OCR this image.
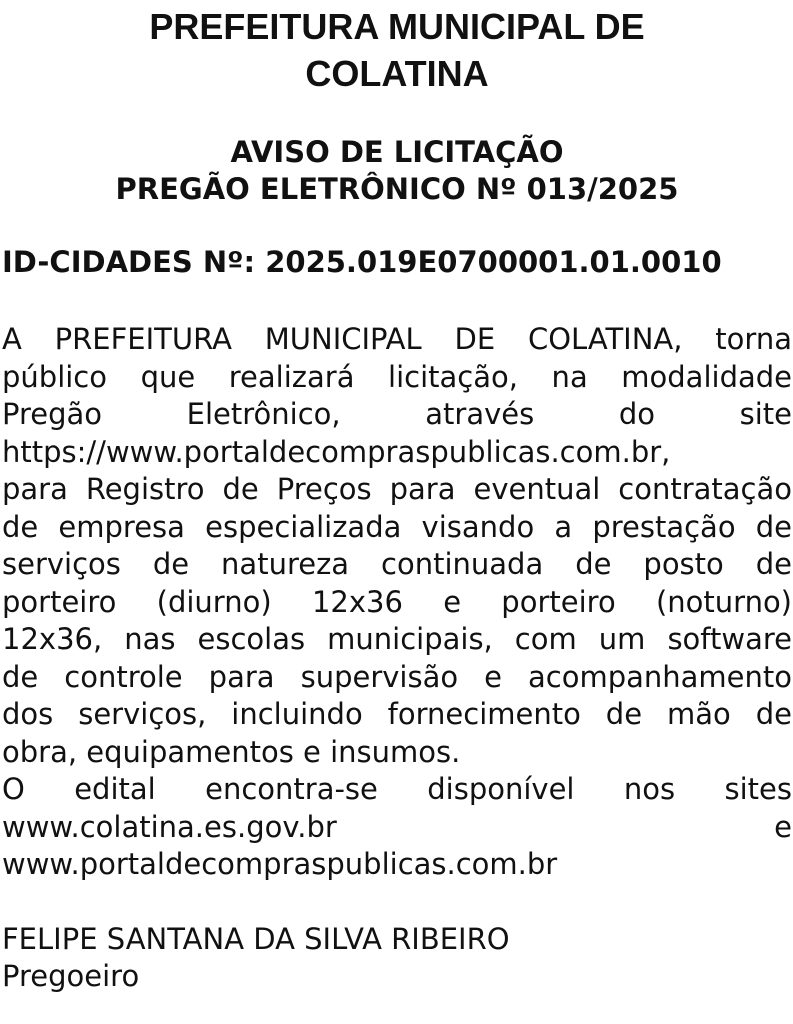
PREFEITURA MUNICIPAL DE
COLATINA
AVISO DE LICITAÇÃO
PREGÃO ELETRÔNICO Nº 013/2025
ID-CIDADES Nº: 2025.019E0700001.01.0010
A PREFEITURA MUNICIPAL DE COLATINA, torna
público que realizará licitação, na modalidade
Pregão Eletrônico, através do site
https://www.portaldecompraspublicas.com.br,
para Registro de Preços para eventual contratação
de empresa especializada visando a prestação de
serviços de natureza continuada de posto de
porteiro (diurno) 12x36 e porteiro (noturno)
12x36, nas escolas municipais, com um software
de controle para supervisão e acompanhamento
dos serviços, incluindo fornecimento de mão de
obra, equipamentos e insumos.
O edital encontra-se disponível nos sites
www.colatina.es.gov.br e
www.portaldecompraspublicas.com.br
FELIPE SANTANA DA SILVA RIBEIRO
Pregoeiro
